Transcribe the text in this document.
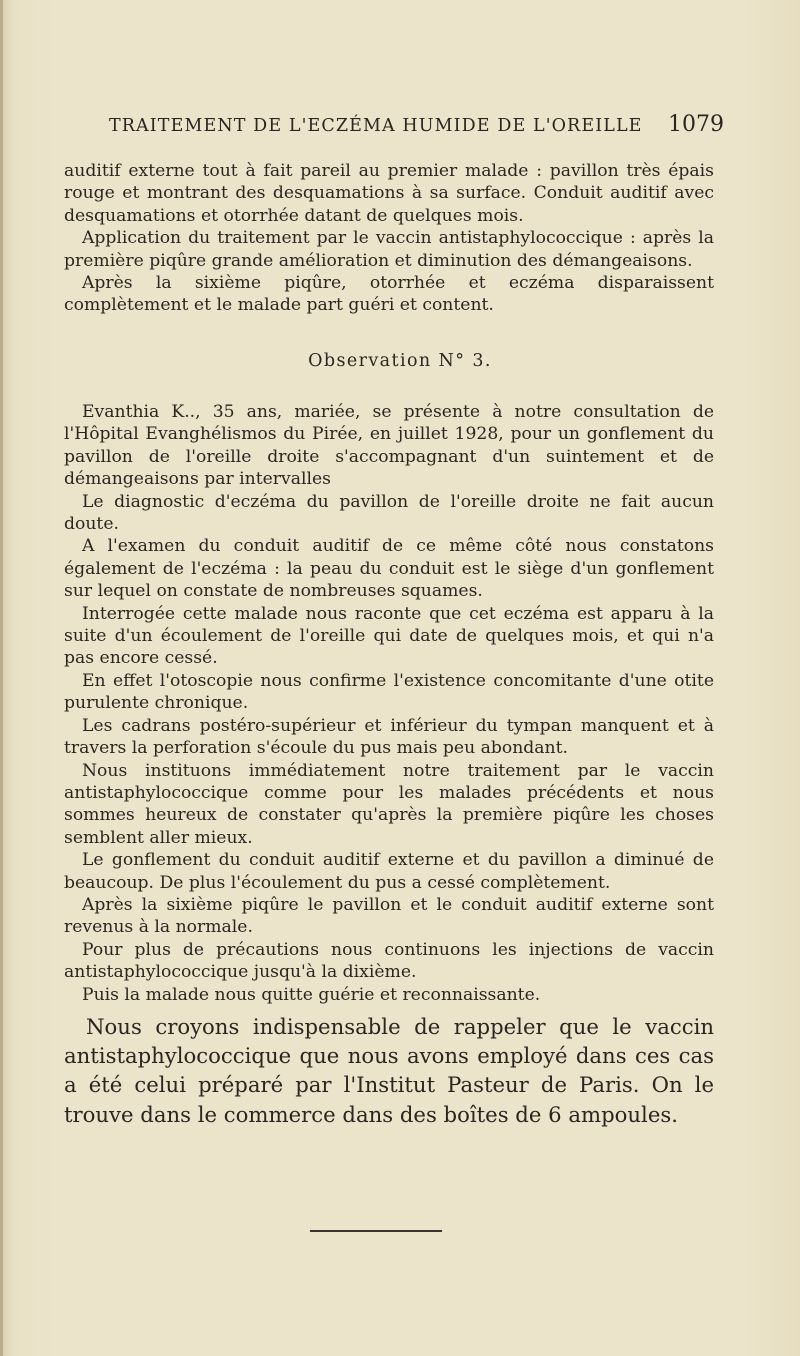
TRAITEMENT DE L'ECZÉMA HUMIDE DE L'OREILLE 1079

auditif externe tout à fait pareil au premier malade : pavillon très épais rouge et montrant des desquamations à sa surface. Conduit auditif avec desquamations et otorrhée datant de quelques mois.

Application du traitement par le vaccin antistaphylococcique : après la première piqûre grande amélioration et diminution des démangeaisons.

Après la sixième piqûre, otorrhée et eczéma disparaissent complètement et le malade part guéri et content.

Observation N° 3.

Evanthia K.., 35 ans, mariée, se présente à notre consultation de l'Hôpital Evanghélismos du Pirée, en juillet 1928, pour un gonflement du pavillon de l'oreille droite s'accompagnant d'un suintement et de démangeaisons par intervalles

Le diagnostic d'eczéma du pavillon de l'oreille droite ne fait aucun doute.

A l'examen du conduit auditif de ce même côté nous constatons également de l'eczéma : la peau du conduit est le siège d'un gonflement sur lequel on constate de nombreuses squames.

Interrogée cette malade nous raconte que cet eczéma est apparu à la suite d'un écoulement de l'oreille qui date de quelques mois, et qui n'a pas encore cessé.

En effet l'otoscopie nous confirme l'existence concomitante d'une otite purulente chronique.

Les cadrans postéro-supérieur et inférieur du tympan manquent et à travers la perforation s'écoule du pus mais peu abondant.

Nous instituons immédiatement notre traitement par le vaccin antistaphylococcique comme pour les malades précédents et nous sommes heureux de constater qu'après la première piqûre les choses semblent aller mieux.

Le gonflement du conduit auditif externe et du pavillon a diminué de beaucoup. De plus l'écoulement du pus a cessé complètement.

Après la sixième piqûre le pavillon et le conduit auditif externe sont revenus à la normale.

Pour plus de précautions nous continuons les injections de vaccin antistaphylococcique jusqu'à la dixième.

Puis la malade nous quitte guérie et reconnaissante.

Nous croyons indispensable de rappeler que le vaccin antistaphylococcique que nous avons employé dans ces cas a été celui préparé par l'Institut Pasteur de Paris. On le trouve dans le commerce dans des boîtes de 6 ampoules.
